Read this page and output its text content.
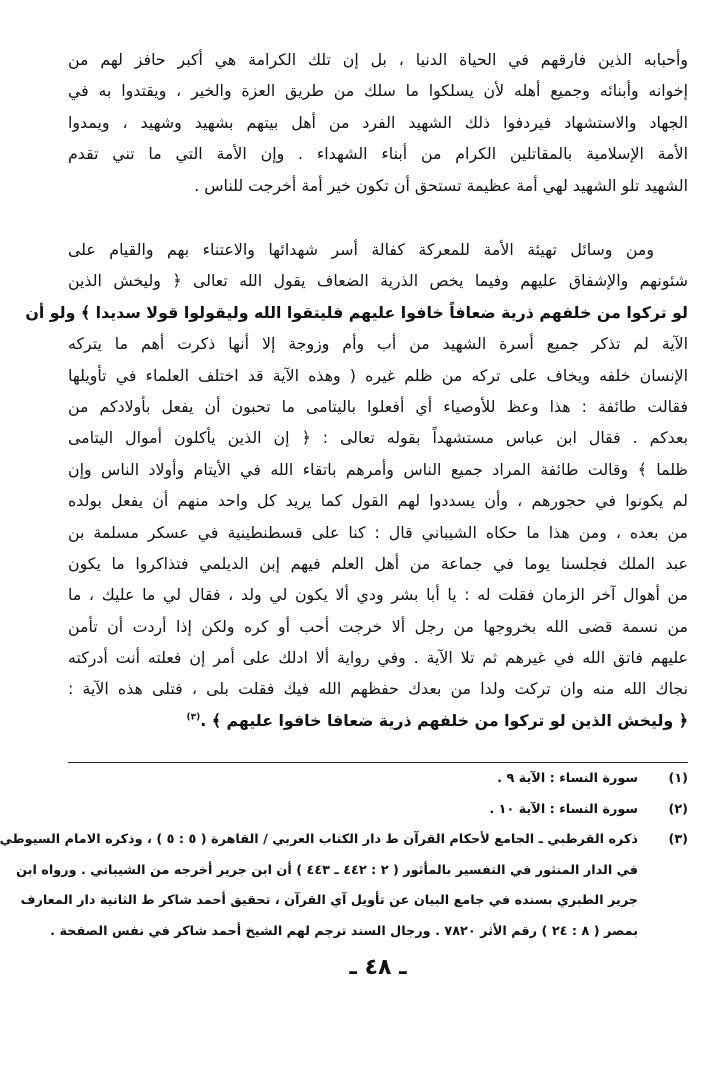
وأحبابه الذين فارقهم في الحياة الدنيا ، بل إن تلك الكرامة هي أكبر حافز لهم من
إخوانه وأبنائه وجميع أهله لأن يسلكوا ما سلك من طريق العزة والخير ، ويقتدوا به في
الجهاد والاستشهاد فيردفوا ذلك الشهيد الفرد من أهل بيتهم بشهيد وشهيد ، ويمدوا
الأمة الإسلامية بالمقاتلين الكرام من أبناء الشهداء . وإن الأمة التي ما تني تقدم
الشهيد تلو الشهيد لهي أمة عظيمة تستحق أن تكون خير أمة أخرجت للناس .
ومن وسائل تهيئة الأمة للمعركة كفالة أسر شهدائها والاعتناء بهم والقيام على
شئونهم والإشفاق عليهم وفيما يخص الذرية الضعاف يقول الله تعالى ﴿ وليخش الذين
لو تركوا من خلفهم ذرية ضعافاً خافوا عليهم فليتقوا الله وليقولوا قولا سديدا ﴾ ولو أن
الآية لم تذكر جميع أسرة الشهيد من أب وأم وزوجة إلا أنها ذكرت أهم ما يتركه
الإنسان خلفه ويخاف على تركه من ظلم غيره ( وهذه الآية قد اختلف العلماء في تأويلها
فقالت طائفة : هذا وعظ للأوصياء أي أفعلوا باليتامى ما تحبون أن يفعل بأولادكم من
بعدكم . فقال ابن عباس مستشهداً بقوله تعالى : ﴿ إن الذين يأكلون أموال اليتامى
ظلما ﴾ وقالت طائفة المراد جميع الناس وأمرهم باتقاء الله في الأيتام وأولاد الناس وإن
لم يكونوا في حجورهم ، وأن يسددوا لهم القول كما يريد كل واحد منهم أن يفعل بولده
من بعده ، ومن هذا ما حكاه الشيباني قال : كنا على قسطنطينية في عسكر مسلمة بن
عبد الملك فجلسنا يوما في جماعة من أهل العلم فيهم إبن الديلمي فتذاكروا ما يكون
من أهوال آخر الزمان فقلت له : يا أبا بشر ودي ألا يكون لي ولد ، فقال لي ما عليك ، ما
من نسمة قضى الله بخروجها من رجل ألا خرجت أحب أو كره ولكن إذا أردت أن تأمن
عليهم فاتق الله في غيرهم ثم تلا الآية . وفي رواية ألا ادلك على أمر إن فعلته أنت أدركته
نجاك الله منه وان تركت ولدا من بعدك حفظهم الله فيك فقلت بلى ، فتلى هذه الآية :
﴿ وليخش الذين لو تركوا من خلفهم ذرية ضعافا خافوا عليهم ﴾ .$^{(٣)}$
(١)
سورة النساء : الآية ٩ .
(٢)
سورة النساء : الآية ١٠ .
(٣)
ذكره القرطبي ـ الجامع لأحكام القرآن ط دار الكتاب العربي / القاهرة ( ٥ : ٥ ) ، وذكره الامام السيوطي
في الدار المنثور في التفسير بالمأثور ( ٢ : ٤٤٢ ـ ٤٤٣ ) أن ابن جرير أخرجه من الشيباني . ورواه ابن
جرير الطبري بسنده في جامع البيان عن تأويل آي القرآن ، تحقيق أحمد شاكر ط الثانية دار المعارف
بمصر ( ٨ : ٢٤ ) رقم الأثر ٧٨٢٠ . ورجال السند ترجم لهم الشيخ أحمد شاكر في نفس الصفحة .
ـ ٤٨ ـ
